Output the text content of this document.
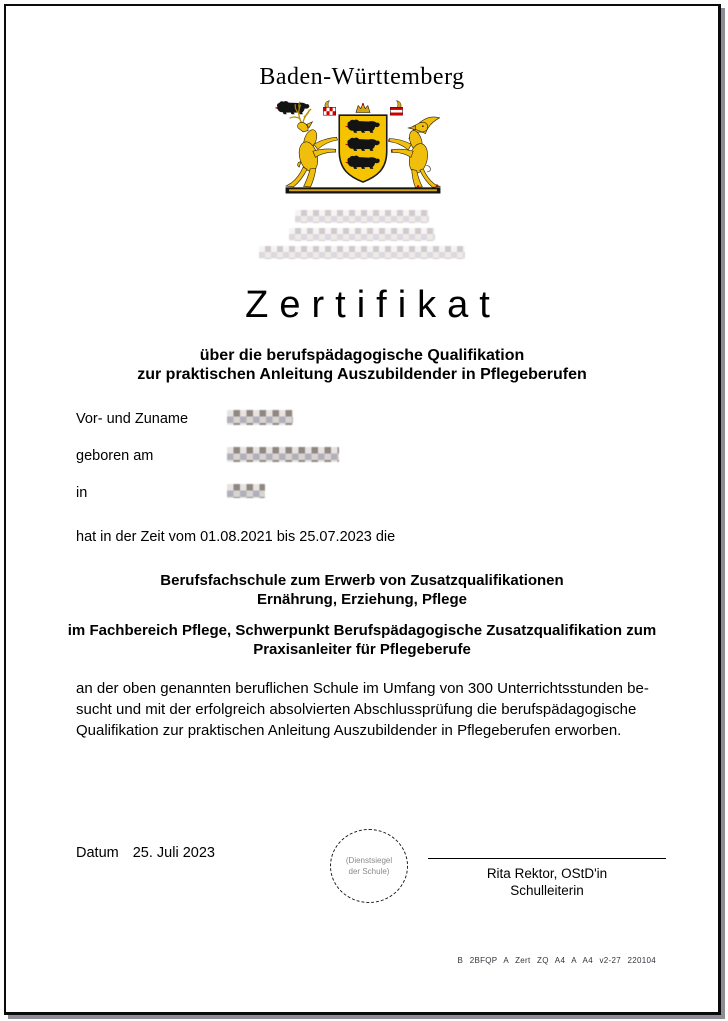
Baden-Württemberg
Zertifikat
über die berufspädagogische Qualifikation
zur praktischen Anleitung Auszubildender in Pflegeberufen
Vor- und Zuname
geboren am
in
hat in der Zeit vom 01.08.2021 bis 25.07.2023 die
Berufsfachschule zum Erwerb von Zusatzqualifikationen
Ernährung, Erziehung, Pflege
im Fachbereich Pflege, Schwerpunkt Berufspädagogische Zusatzqualifikation zum
Praxisanleiter für Pflegeberufe
an der oben genannten beruflichen Schule im Umfang von 300 Unterrichtsstunden be-
sucht und mit der erfolgreich absolvierten Abschlussprüfung die berufspädagogische
Qualifikation zur praktischen Anleitung Auszubildender in Pflegeberufen erworben.
Datum 25. Juli 2023	(Dienstsiegel
der Schule)	Rita Rektor, OStD'in
Schulleiterin
B 2BFQP A Zert ZQ A4 A A4 v2-27 220104
